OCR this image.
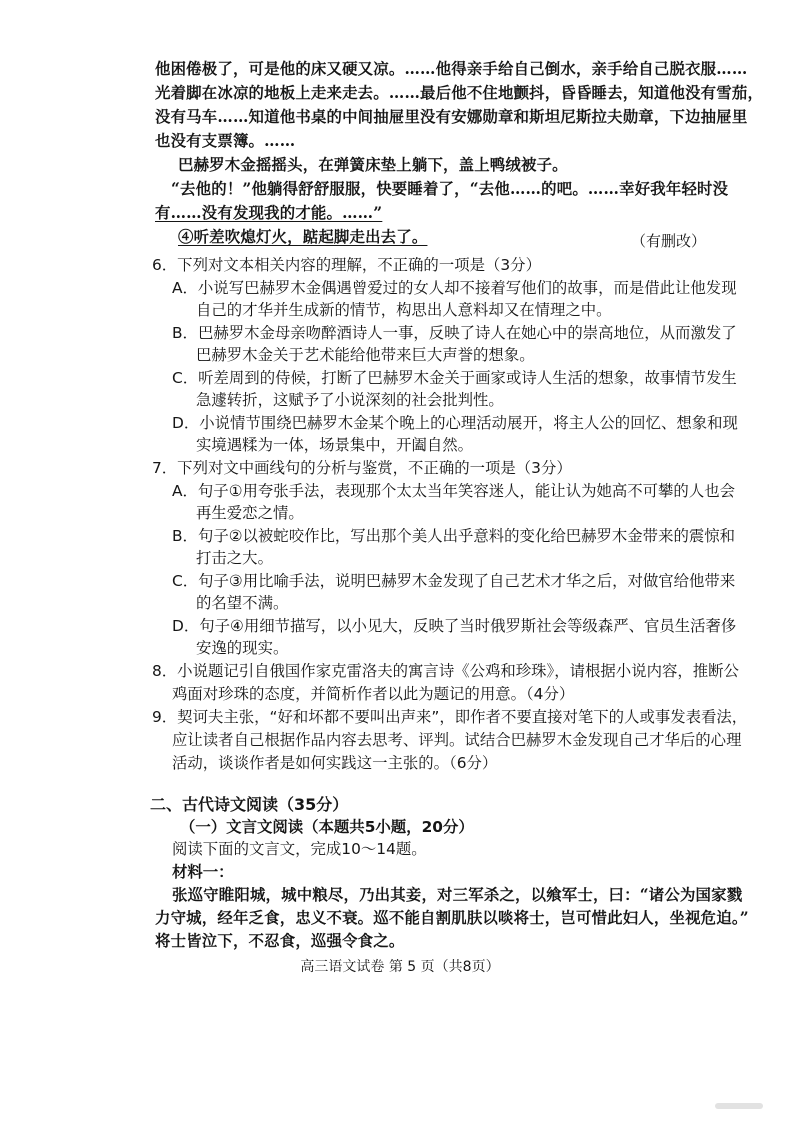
他困倦极了，可是他的床又硬又凉。……他得亲手给自己倒水，亲手给自己脱衣服……
光着脚在冰凉的地板上走来走去。……最后他不住地颤抖，昏昏睡去，知道他没有雪茄，
没有马车……知道他书桌的中间抽屉里没有安娜勋章和斯坦尼斯拉夫勋章，下边抽屉里
也没有支票簿。……
巴赫罗木金摇摇头，在弹簧床垫上躺下，盖上鸭绒被子。
“去他的！”他躺得舒舒服服，快要睡着了，“去他……的吧。……幸好我年轻时没
有……没有发现我的才能。……”
④听差吹熄灯火，踮起脚走出去了。	（有删改）
6．下列对文本相关内容的理解，不正确的一项是（3分）
A．小说写巴赫罗木金偶遇曾爱过的女人却不接着写他们的故事，而是借此让他发现
自己的才华并生成新的情节，构思出人意料却又在情理之中。
B．巴赫罗木金母亲吻醉酒诗人一事，反映了诗人在她心中的崇高地位，从而激发了
巴赫罗木金关于艺术能给他带来巨大声誉的想象。
C．听差周到的侍候，打断了巴赫罗木金关于画家或诗人生活的想象，故事情节发生
急遽转折，这赋予了小说深刻的社会批判性。
D．小说情节围绕巴赫罗木金某个晚上的心理活动展开，将主人公的回忆、想象和现
实境遇糅为一体，场景集中，开阖自然。
7．下列对文中画线句的分析与鉴赏，不正确的一项是（3分）
A．句子①用夸张手法，表现那个太太当年笑容迷人，能让认为她高不可攀的人也会
再生爱恋之情。
B．句子②以被蛇咬作比，写出那个美人出乎意料的变化给巴赫罗木金带来的震惊和
打击之大。
C．句子③用比喻手法，说明巴赫罗木金发现了自己艺术才华之后，对做官给他带来
的名望不满。
D．句子④用细节描写，以小见大，反映了当时俄罗斯社会等级森严、官员生活奢侈
安逸的现实。
8．小说题记引自俄国作家克雷洛夫的寓言诗《公鸡和珍珠》，请根据小说内容，推断公
鸡面对珍珠的态度，并简析作者以此为题记的用意。（4分）
9．契诃夫主张，“好和坏都不要叫出声来”，即作者不要直接对笔下的人或事发表看法，
应让读者自己根据作品内容去思考、评判。试结合巴赫罗木金发现自己才华后的心理
活动，谈谈作者是如何实践这一主张的。（6分）
二、古代诗文阅读（35分）
（一）文言文阅读（本题共5小题，20分）
阅读下面的文言文，完成10～14题。
材料一：
张巡守睢阳城，城中粮尽，乃出其妾，对三军杀之，以飨军士，曰：“诸公为国家戮
力守城，经年乏食，忠义不衰。巡不能自割肌肤以啖将士，岂可惜此妇人，坐视危迫。”
将士皆泣下，不忍食，巡强令食之。
高三语文试卷 第 5 页（共8页）
